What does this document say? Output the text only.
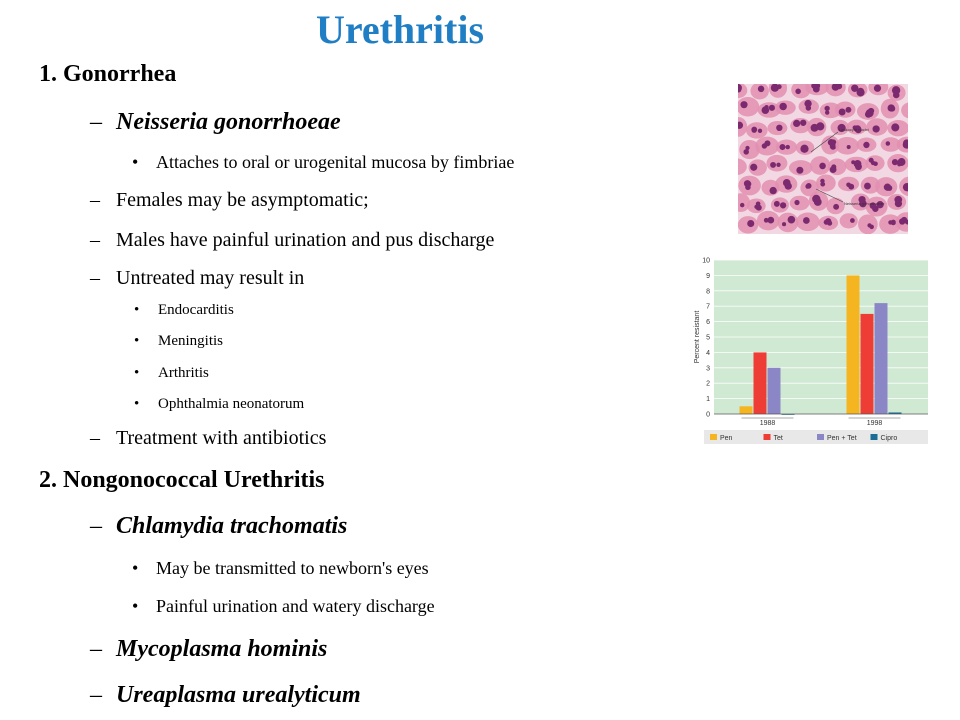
Urethritis
1. Gonorrhea
– Neisseria gonorrhoeae
• Attaches to oral or urogenital mucosa by fimbriae
– Females may be asymptomatic;
– Males have painful urination and pus discharge
– Untreated may result in
• Endocarditis
• Meningitis
• Arthritis
• Ophthalmia neonatorum
– Treatment with antibiotics
2. Nongonococcal Urethritis
– Chlamydia trachomatis
• May be transmitted to newborn's eyes
• Painful urination and watery discharge
– Mycoplasma hominis
– Ureaplasma urealyticum
Leukocyte nuclei
Neisseria gonorrhoeae
0
1
2
3
4
5
6
7
8
9
10
Percent resistant
1988	1998
Pen	Tet	Pen + Tet	Cipro
